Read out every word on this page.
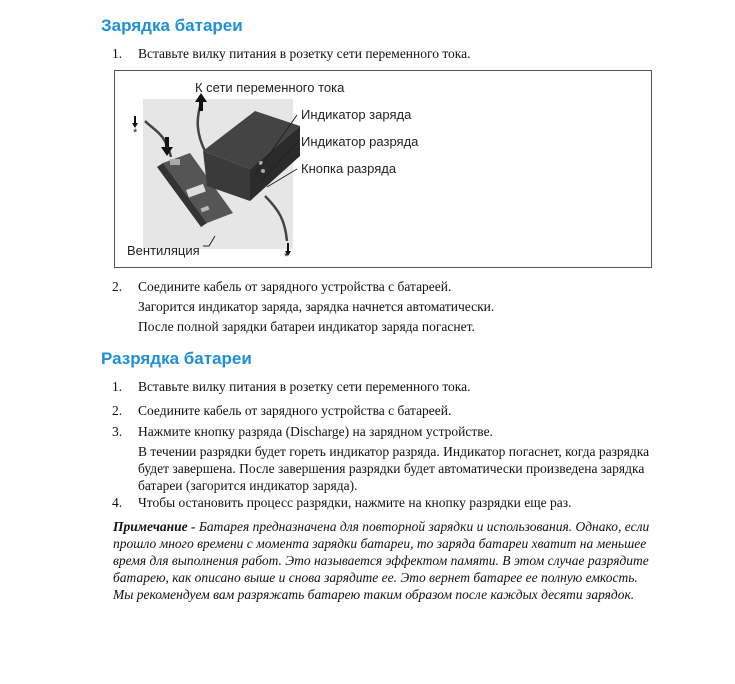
Зарядка батареи
1. Вставьте вилку питания в розетку сети переменного тока.
К сети переменного тока
Индикатор заряда
Индикатор разряда
Кнопка разряда
Вентиляция
*
*
2. Соедините кабель от зарядного устройства с батареей.
Загорится индикатор заряда, зарядка начнется автоматически.
После полной зарядки батареи индикатор заряда погаснет.
Разрядка батареи
1. Вставьте вилку питания в розетку сети переменного тока.
2. Соедините кабель от зарядного устройства с батареей.
3. Нажмите кнопку разряда (Discharge) на зарядном устройстве.
В течении разрядки будет гореть индикатор разряда. Индикатор погаснет, когда разрядка будет завершена. После завершения разрядки будет автоматически произведена зарядка батареи (загорится индикатор заряда).
4. Чтобы остановить процесс разрядки, нажмите на кнопку разрядки еще раз.
Примечание - Батарея предназначена для повторной зарядки и использования. Однако, если прошло много времени с момента зарядки батареи, то заряда батареи хватит на меньшее время для выполнения работ. Это называется эффектом памяти. В этом случае разрядите батарею, как описано выше и снова зарядите ее. Это вернет батарее ее полную емкость. Мы рекомендуем вам разряжать батарею таким образом после каждых десяти зарядок.
